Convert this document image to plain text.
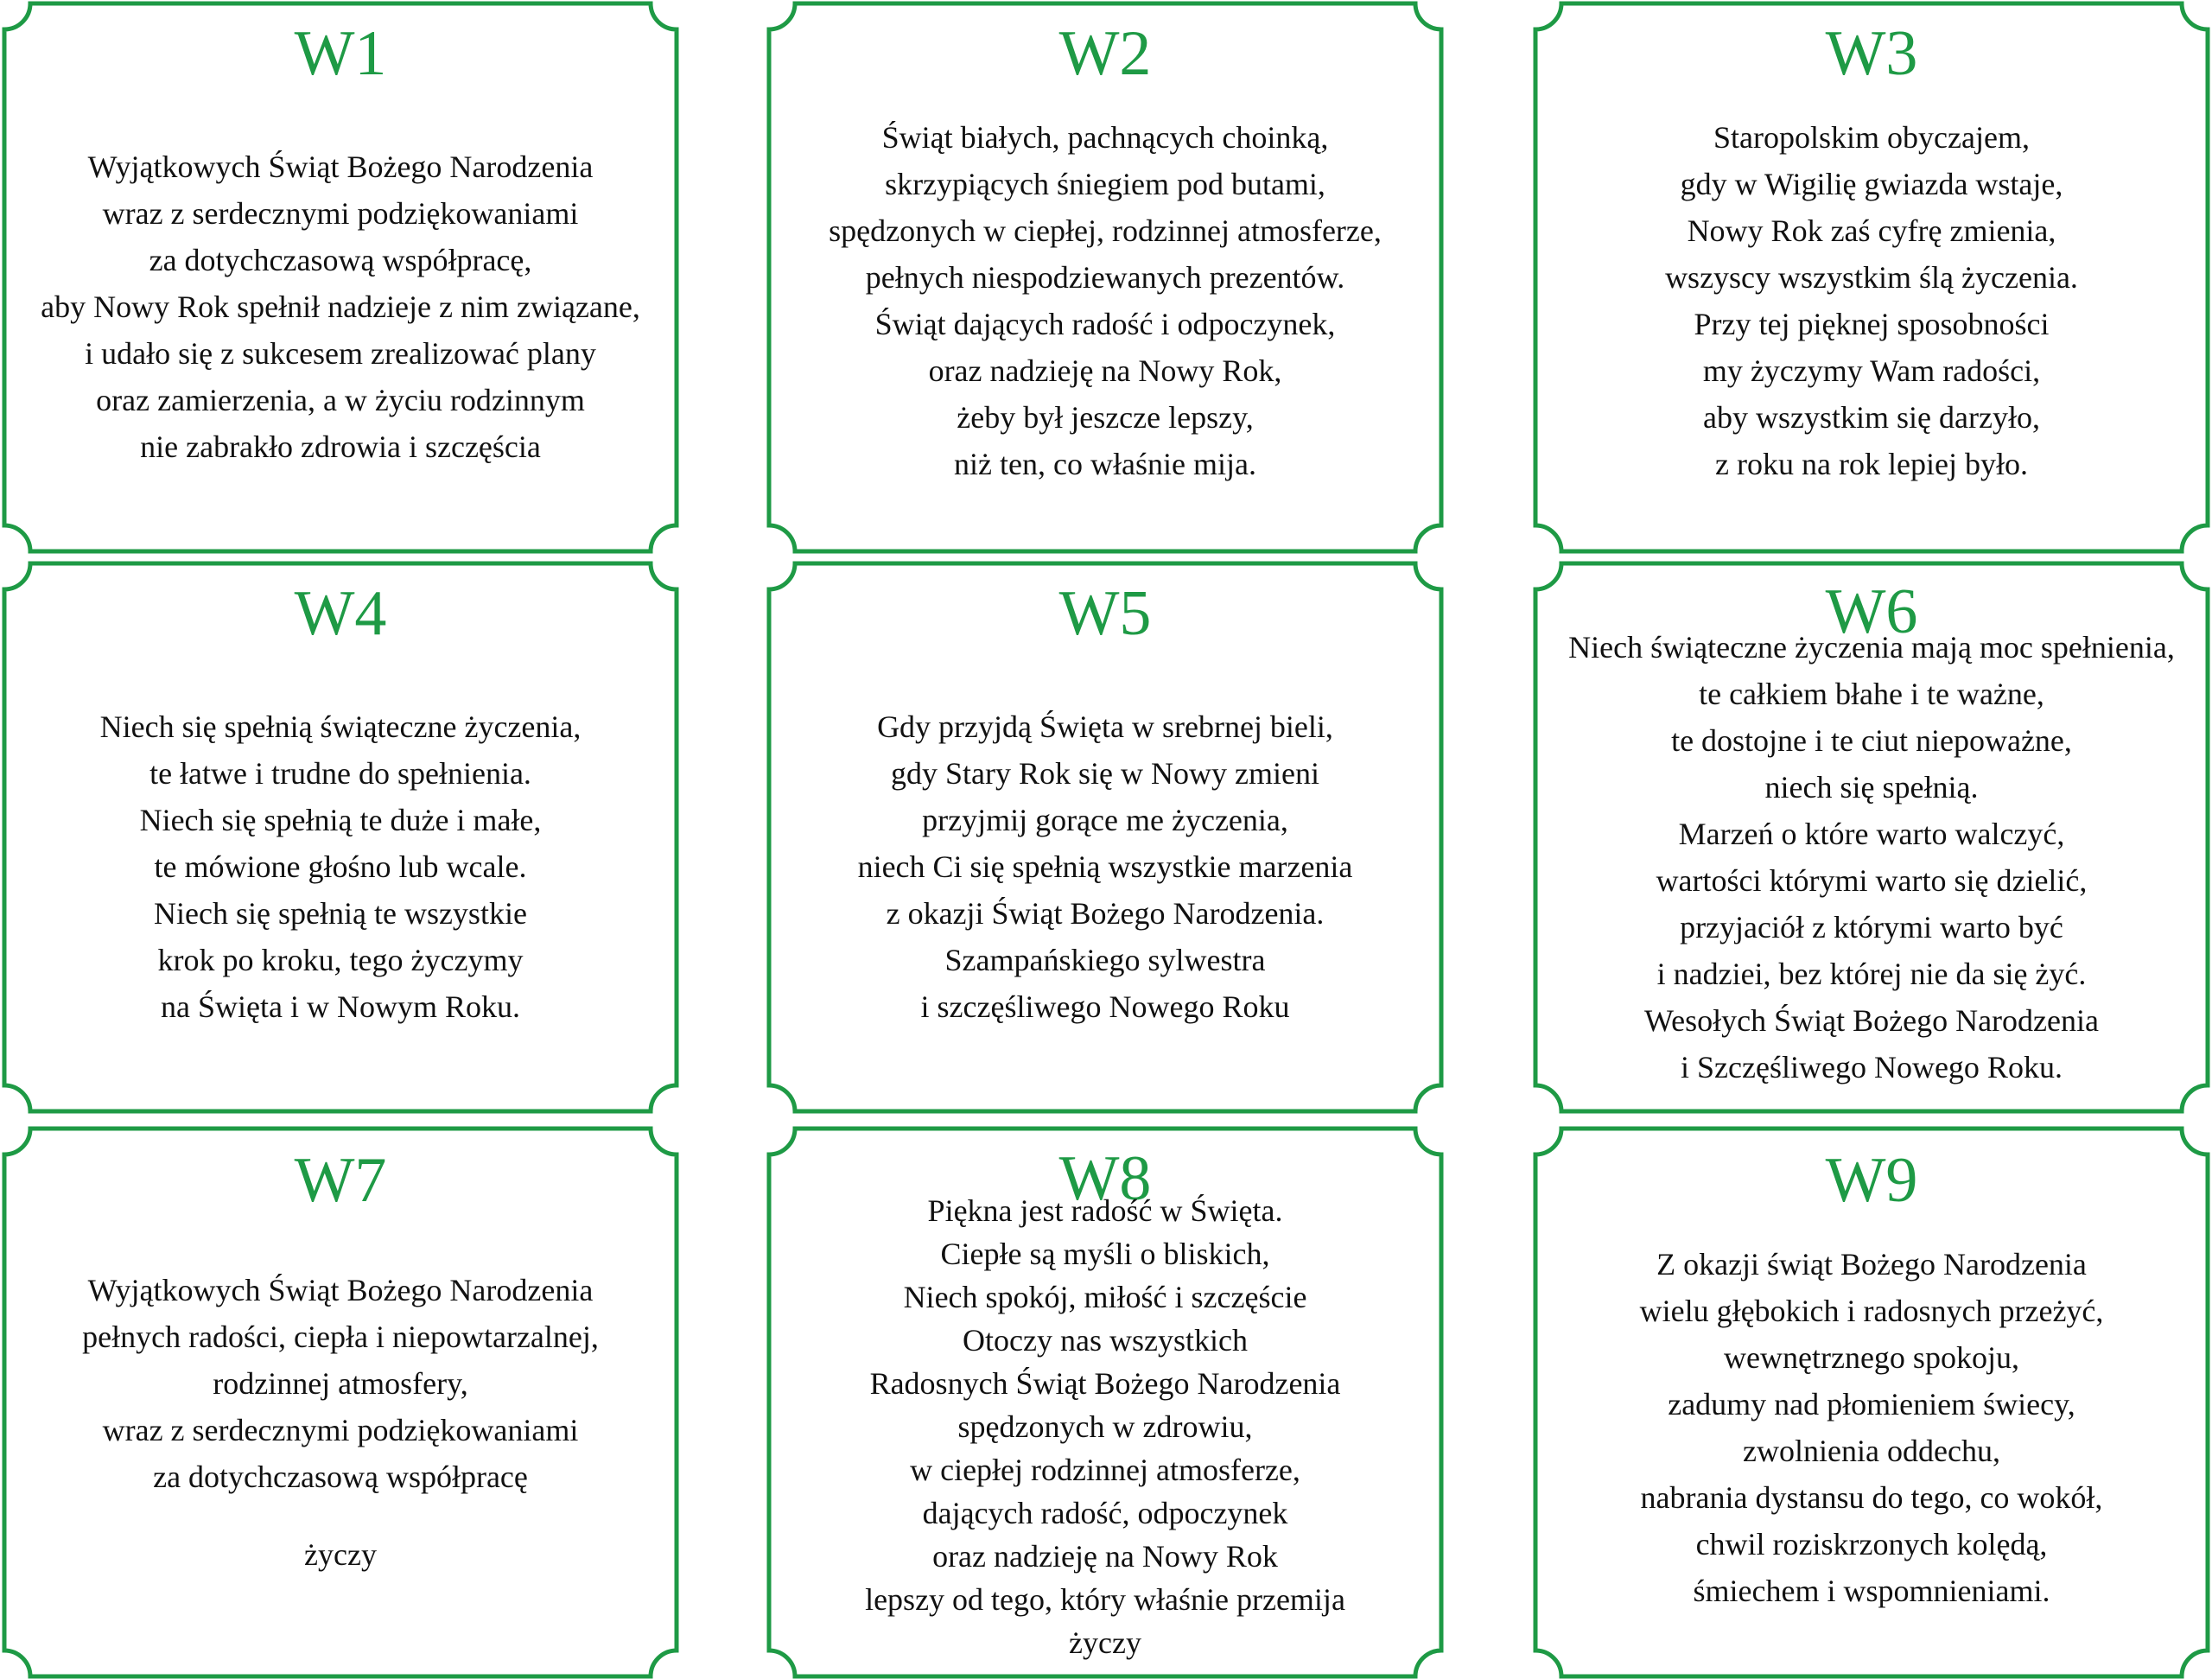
W1
Wyjątkowych Świąt Bożego Narodzenia
wraz z serdecznymi podziękowaniami
za dotychczasową współpracę,
aby Nowy Rok spełnił nadzieje z nim związane,
i udało się z sukcesem zrealizować plany
oraz zamierzenia, a w życiu rodzinnym
nie zabrakło zdrowia i szczęścia
W2
Świąt białych, pachnących choinką,
skrzypiących śniegiem pod butami,
spędzonych w ciepłej, rodzinnej atmosferze,
pełnych niespodziewanych prezentów.
Świąt dających radość i odpoczynek,
oraz nadzieję na Nowy Rok,
żeby był jeszcze lepszy,
niż ten, co właśnie mija.
W3
Staropolskim obyczajem,
gdy w Wigilię gwiazda wstaje,
Nowy Rok zaś cyfrę zmienia,
wszyscy wszystkim ślą życzenia.
Przy tej pięknej sposobności
my życzymy Wam radości,
aby wszystkim się darzyło,
z roku na rok lepiej było.
W4
Niech się spełnią świąteczne życzenia,
te łatwe i trudne do spełnienia.
Niech się spełnią te duże i małe,
te mówione głośno lub wcale.
Niech się spełnią te wszystkie
krok po kroku, tego życzymy
na Święta i w Nowym Roku.
W5
Gdy przyjdą Święta w srebrnej bieli,
gdy Stary Rok się w Nowy zmieni
przyjmij gorące me życzenia,
niech Ci się spełnią wszystkie marzenia
z okazji Świąt Bożego Narodzenia.
Szampańskiego sylwestra
i szczęśliwego Nowego Roku
W6
Niech świąteczne życzenia mają moc spełnienia,
te całkiem błahe i te ważne,
te dostojne i te ciut niepoważne,
niech się spełnią.
Marzeń o które warto walczyć,
wartości którymi warto się dzielić,
przyjaciół z którymi warto być
i nadziei, bez której nie da się żyć.
Wesołych Świąt Bożego Narodzenia
i Szczęśliwego Nowego Roku.
W7
Wyjątkowych Świąt Bożego Narodzenia
pełnych radości, ciepła i niepowtarzalnej,
rodzinnej atmosfery,
wraz z serdecznymi podziękowaniami
za dotychczasową współpracę
życzy
W8
Piękna jest radość w Święta.
Ciepłe są myśli o bliskich,
Niech spokój, miłość i szczęście
Otoczy nas wszystkich
Radosnych Świąt Bożego Narodzenia
spędzonych w zdrowiu,
w ciepłej rodzinnej atmosferze,
dających radość, odpoczynek
oraz nadzieję na Nowy Rok
lepszy od tego, który właśnie przemija
życzy
W9
Z okazji świąt Bożego Narodzenia
wielu głębokich i radosnych przeżyć,
wewnętrznego spokoju,
zadumy nad płomieniem świecy,
zwolnienia oddechu,
nabrania dystansu do tego, co wokół,
chwil roziskrzonych kolędą,
śmiechem i wspomnieniami.
